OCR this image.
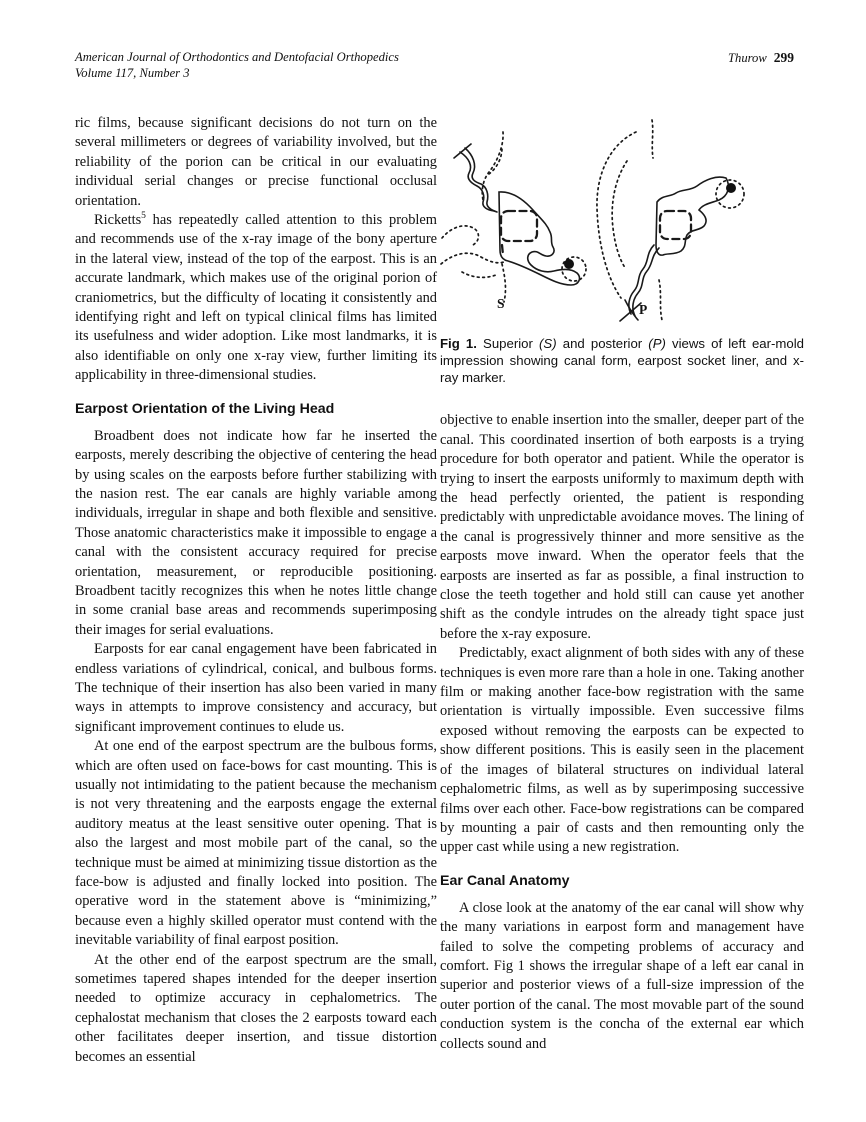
American Journal of Orthodontics and Dentofacial Orthopedics
Volume 117, Number 3
Thurow 299

ric films, because significant decisions do not turn on the several millimeters or degrees of variability involved, but the reliability of the porion can be critical in our evaluating individual serial changes or precise functional occlusal orientation.

Ricketts$^5$ has repeatedly called attention to this problem and recommends use of the x-ray image of the bony aperture in the lateral view, instead of the top of the earpost. This is an accurate landmark, which makes use of the original porion of craniometrics, but the difficulty of locating it consistently and identifying right and left on typical clinical films has limited its usefulness and wider adoption. Like most landmarks, it is also identifiable on only one x-ray view, further limiting its applicability in three-dimensional studies.

Earpost Orientation of the Living Head

Broadbent does not indicate how far he inserted the earposts, merely describing the objective of centering the head by using scales on the earposts before further stabilizing with the nasion rest. The ear canals are highly variable among individuals, irregular in shape and both flexible and sensitive. Those anatomic characteristics make it impossible to engage a canal with the consistent accuracy required for precise orientation, measurement, or reproducible positioning. Broadbent tacitly recognizes this when he notes little change in some cranial base areas and recommends superimposing their images for serial evaluations.

Earposts for ear canal engagement have been fabricated in endless variations of cylindrical, conical, and bulbous forms. The technique of their insertion has also been varied in many ways in attempts to improve consistency and accuracy, but significant improvement continues to elude us.

At one end of the earpost spectrum are the bulbous forms, which are often used on face-bows for cast mounting. This is usually not intimidating to the patient because the mechanism is not very threatening and the earposts engage the external auditory meatus at the least sensitive outer opening. That is also the largest and most mobile part of the canal, so the technique must be aimed at minimizing tissue distortion as the face-bow is adjusted and finally locked into position. The operative word in the statement above is “minimizing,” because even a highly skilled operator must contend with the inevitable variability of final earpost position.

At the other end of the earpost spectrum are the small, sometimes tapered shapes intended for the deeper insertion needed to optimize accuracy in cephalometrics. The cephalostat mechanism that closes the 2 earposts toward each other facilitates deeper insertion, and tissue distortion becomes an essential

S	P

Fig 1. Superior (S) and posterior (P) views of left ear-mold impression showing canal form, earpost socket liner, and x-ray marker.

objective to enable insertion into the smaller, deeper part of the canal. This coordinated insertion of both earposts is a trying procedure for both operator and patient. While the operator is trying to insert the earposts uniformly to maximum depth with the head perfectly oriented, the patient is responding predictably with unpredictable avoidance moves. The lining of the canal is progressively thinner and more sensitive as the earposts move inward. When the operator feels that the earposts are inserted as far as possible, a final instruction to close the teeth together and hold still can cause yet another shift as the condyle intrudes on the already tight space just before the x-ray exposure.

Predictably, exact alignment of both sides with any of these techniques is even more rare than a hole in one. Taking another film or making another face-bow registration with the same orientation is virtually impossible. Even successive films exposed without removing the earposts can be expected to show different positions. This is easily seen in the placement of the images of bilateral structures on individual lateral cephalometric films, as well as by superimposing successive films over each other. Face-bow registrations can be compared by mounting a pair of casts and then remounting only the upper cast while using a new registration.

Ear Canal Anatomy

A close look at the anatomy of the ear canal will show why the many variations in earpost form and management have failed to solve the competing problems of accuracy and comfort. Fig 1 shows the irregular shape of a left ear canal in superior and posterior views of a full-size impression of the outer portion of the canal. The most movable part of the sound conduction system is the concha of the external ear which collects sound and
